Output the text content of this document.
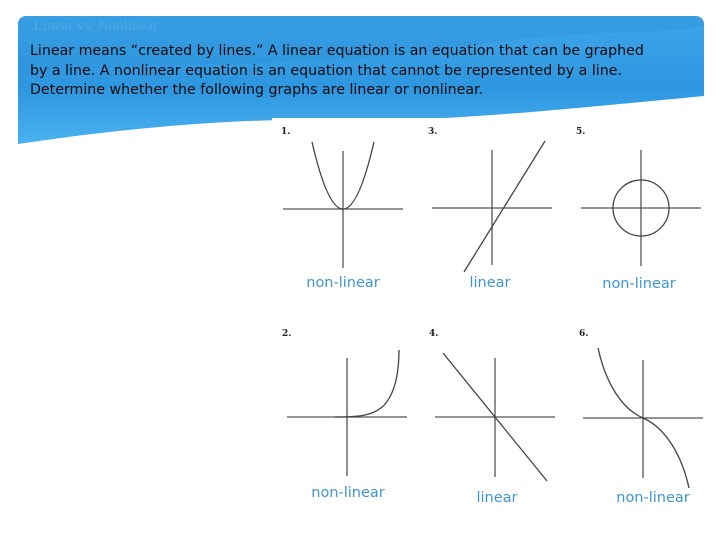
Linear vs. Nonlinear

Linear means “created by lines.” A linear equation is an equation that can be graphed
by a line. A nonlinear equation is an equation that cannot be represented by a line.
Determine whether the following graphs are linear or nonlinear.

1.
non-linear
3.
linear
5.
non-linear
2.
non-linear
4.
linear
6.
non-linear
